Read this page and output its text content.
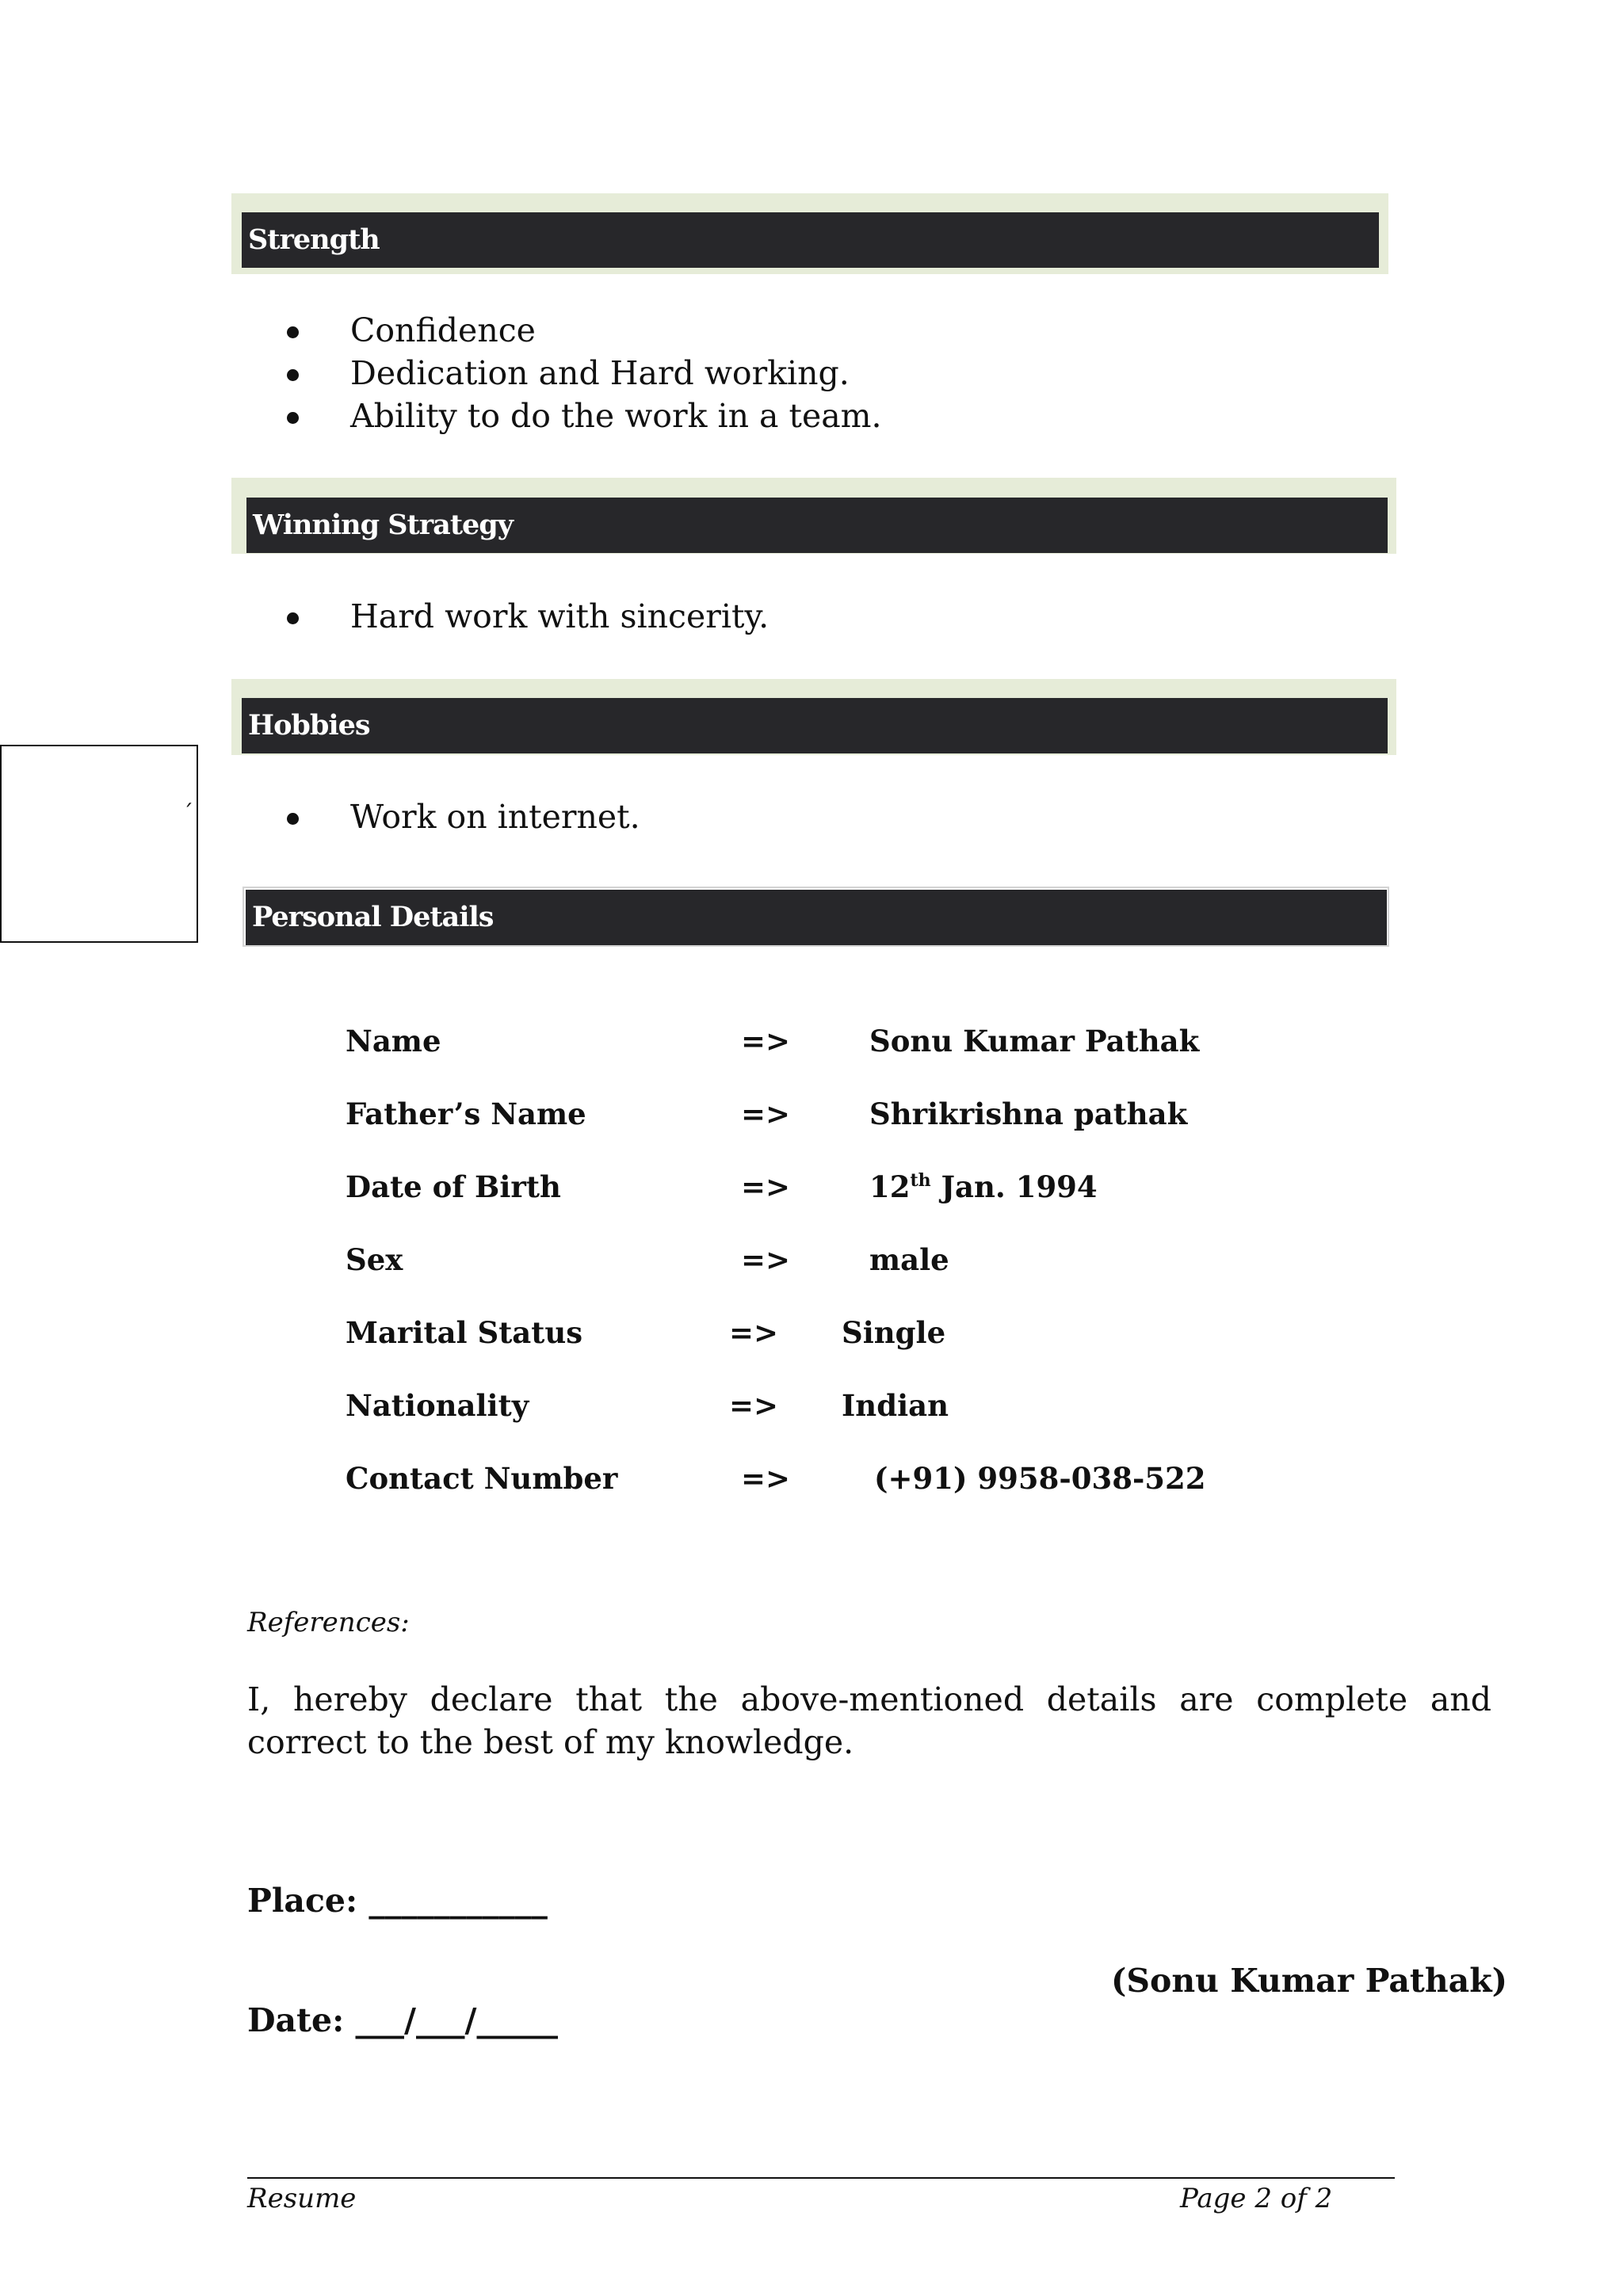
Strength
Confidence
Dedication and Hard working.
Ability to do the work in a team.
Winning Strategy
Hard work with sincerity.
Hobbies
´	Work on internet.
Personal Details
Name	=>	Sonu Kumar Pathak
Father’s Name	=>	Shrikrishna pathak
Date of Birth	=>	12th Jan. 1994
Sex	=>	male
Marital Status	=> Single
Nationality	=> Indian
Contact Number	=>	(+91) 9958-038-522
References:
I, hereby declare that the above-mentioned details are complete and correct to the best of my knowledge.
Place: ___________
(Sonu Kumar Pathak)
Date: ___/___/_____
Resume	Page 2 of 2
